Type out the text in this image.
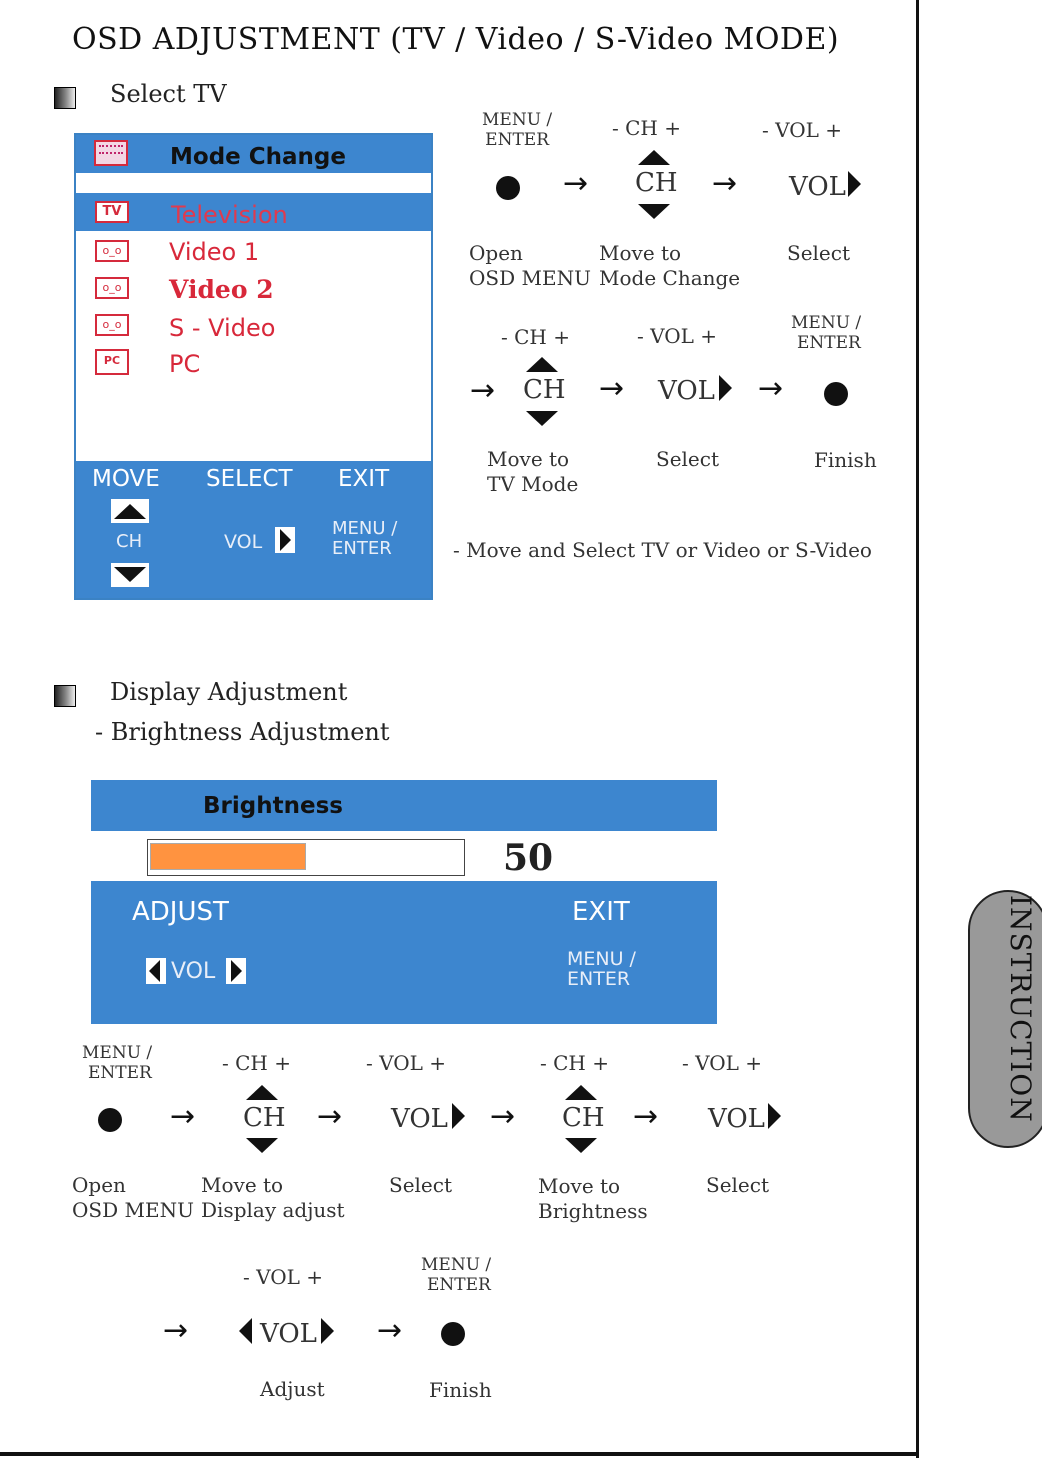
OSD ADJUSTMENT (TV / Video / S-Video MODE)
INSTRUCTION
Select TV
Mode Change
TV Television
o_o Video 1
o_o Video 2
o_o S - Video
PC PC
MOVE SELECT EXIT
CH	VOL
MENU /
ENTER
MENU /
ENTER
→
- CH +
CH →
- VOL +
VOL
Open
OSD MENU
Move to
Mode Change
Select
- CH +
→ CH →
- VOL +
VOL →
MENU /
ENTER
Move to
TV Mode
Select	Finish
- Move and Select TV or Video or S-Video
Display Adjustment
- Brightness Adjustment
Brightness
50
ADJUST	EXIT
VOL	MENU /
ENTER
MENU /
ENTER
→
- CH +
CH →
- VOL +
VOL →
- CH +
CH →
- VOL +
VOL
Open
OSD MENU
Move to
Display adjust
Select	Move to
Brightness
Select
- VOL +
→	VOL →
MENU /
ENTER
Adjust	Finish
